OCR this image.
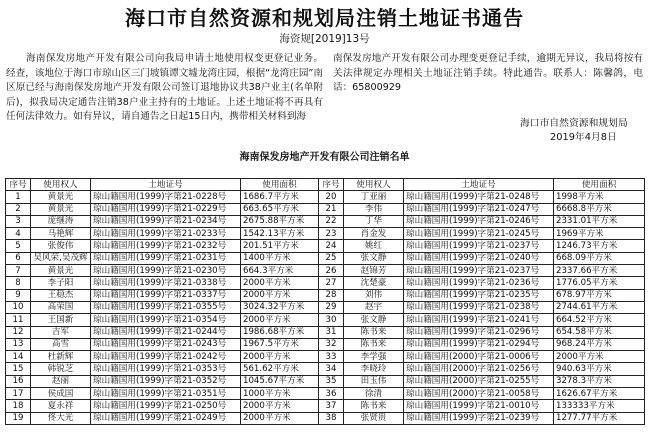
海口市自然资源和规划局注销土地证书通告
海资规[2019]13号
海南保发房地产开发有限公司向我局申请土地使用权变更登记业务。经查，该地位于海口市琼山区三门坡镇谭文墟龙湾庄园，根据“龙湾庄园”南区原已经与海南保发房地产开发有限公司签订退地协议共38户业主(名单附后)，拟我局决定通告注销38户业主持有的土地证。上述土地证将不再具有任何法律效力。如有异议，请自通告之日起15日内，携带相关材料到海
南保发房地产开发有限公司办理变更登记手续，逾期无异议，我局将按有关法律规定办理相关土地证注销手续。特此通告。联系人：陈馨鸽，电话：65800929
海口市自然资源和规划局
2019年4月8日
海南保发房地产开发有限公司注销名单
序号	使用权人	土地证号	使用面积	序号	使用权人	土地证号	使用面积
1	黄景光	琼山籍国用(1999)字第21-0228号	1686.7平方米	20	丁亚丽	琼山籍国用(1999)字第21-0248号	1998平方米
2	黄景光	琼山籍国用(1999)字第21-0229号	663.65平方米	21	李伟	琼山籍国用(1999)字第21-0247号	6668.8平方米
3	庞继涛	琼山籍国用(1999)字第21-0234号	2675.88平方米	22	丁华	琼山籍国用(1999)字第21-0246号	2331.01平方米
4	马艳辉	琼山籍国用(1999)字第21-0233号	1542.13平方米	23	肖金发	琼山籍国用(1999)字第21-0245号	1969平方米
5	张俊伟	琼山籍国用(1999)字第21-0232号	201.51平方米	24	姚红	琼山籍国用(1999)字第21-0237号	1246.73平方米
6	吴风荣,吴茂辉	琼山籍国用(1999)字第21-0231号	1400平方米	25	张文静	琼山籍国用(1999)字第21-0240号	668.09平方米
7	黄景光	琼山籍国用(1999)字第21-0230号	664.3平方米	26	赵锦芳	琼山籍国用(1999)字第21-0237号	2337.66平方米
8	李子阳	琼山籍国用(1999)字第21-0338号	2000平方米	27	沈楚豪	琼山籍国用(1999)字第21-0236号	1776.05平方米
9	王稳杰	琼山籍国用(1999)字第21-0337号	2000平方米	28	刘伟	琼山籍国用(1999)字第21-0235号	678.97平方米
10	高荣国	琼山籍国用(1999)字第21-0355号	3024.32平方米	29	赵宇	琼山籍国用(1999)字第21-0238号	2744.61平方米
11	王国新	琼山籍国用(1999)字第21-0354号	2000平方米	30	张文静	琼山籍国用(1999)字第21-0241号	664.52平方米
12	吉军	琼山籍国用(1999)字第21-0244号	1986.68平方米	31	陈书来	琼山籍国用(1999)字第21-0296号	654.58平方米
13	高雪	琼山籍国用(1999)字第21-0243号	1967.5平方米	32	陈书来	琼山籍国用(1999)字第21-0294号	968.24平方米
14	杜新辉	琼山籍国用(1999)字第21-0242号	2000平方米	33	李学强	琼山籍国用(2000)字第21-0006号	2000平方米
15	韩锐芝	琼山籍国用(1999)字第21-0353号	561.62平方米	34	李晓玲	琼山籍国用(2000)字第21-0256号	940.63平方米
16	赵丽	琼山籍国用(1999)字第21-0352号	1045.67平方米	35	田玉伟	琼山籍国用(2000)字第21-0255号	3278.3平方米
17	侯成国	琼山籍国用(1999)字第21-0351号	1000平方米	36	徐清	琼山籍国用(2000)字第21-0058号	1626.67平方米
18	夏永祥	琼山籍国用(1999)字第21-0250号	2000平方米	37	陈书来	琼山籍国用(1999)字第21-0010号	133333平方米
19	佟大光	琼山籍国用(1999)字第21-0249号	2000平方米	38	张贤贵	琼山籍国用(1999)字第21-0239号	1277.77平方米
